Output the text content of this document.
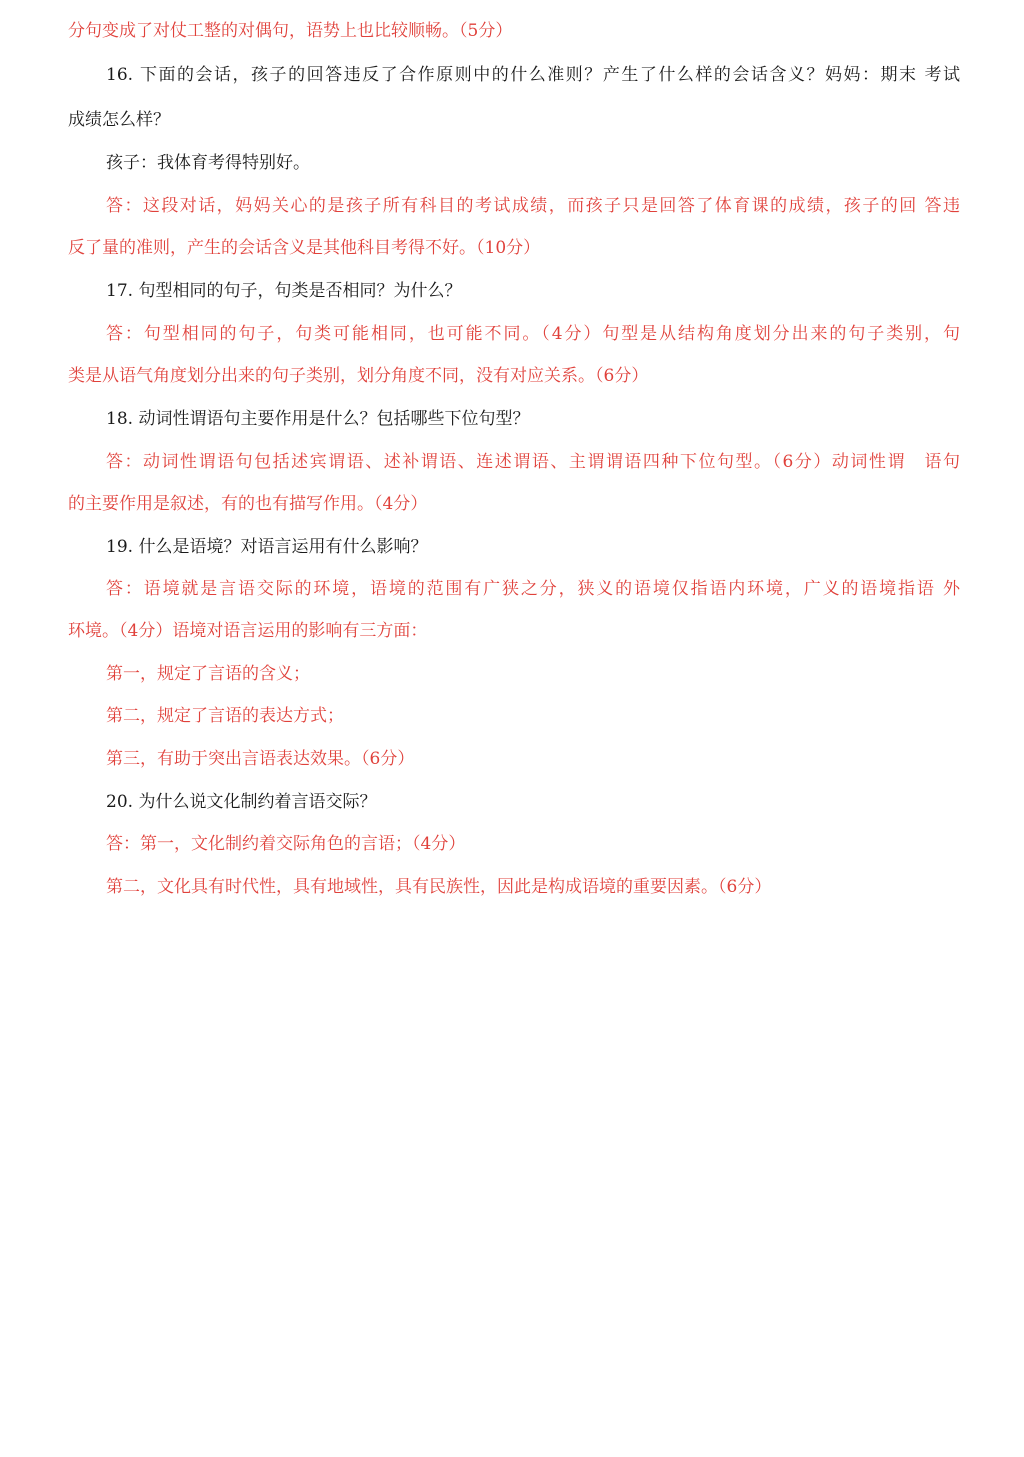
分句变成了对仗工整的对偶句，语势上也比较顺畅。（5分）
16. 下面的会话，孩子的回答违反了合作原则中的什么准则？产生了什么样的会话含义？妈妈：期末 考试
成绩怎么样？
孩子：我体育考得特别好。
答：这段对话，妈妈关心的是孩子所有科目的考试成绩，而孩子只是回答了体育课的成绩，孩子的回 答违
反了量的准则，产生的会话含义是其他科目考得不好。（10分）
17. 句型相同的句子，句类是否相同？为什么？
答：句型相同的句子，句类可能相同，也可能不同。（4分）句型是从结构角度划分出来的句子类别，句
类是从语气角度划分出来的句子类别，划分角度不同，没有对应关系。（6分）
18. 动词性谓语句主要作用是什么？包括哪些下位句型？
答：动词性谓语句包括述宾谓语、述补谓语、连述谓语、主谓谓语四种下位句型。（6分）动词性谓　语句
的主要作用是叙述，有的也有描写作用。（4分）
19. 什么是语境？对语言运用有什么影响？
答：语境就是言语交际的环境，语境的范围有广狭之分，狭义的语境仅指语内环境，广义的语境指语 外
环境。（4分）语境对语言运用的影响有三方面：
第一，规定了言语的含义；
第二，规定了言语的表达方式；
第三，有助于突出言语表达效果。（6分）
20. 为什么说文化制约着言语交际？
答：第一，文化制约着交际角色的言语；（4分）
第二，文化具有时代性，具有地域性，具有民族性，因此是构成语境的重要因素。（6分）
